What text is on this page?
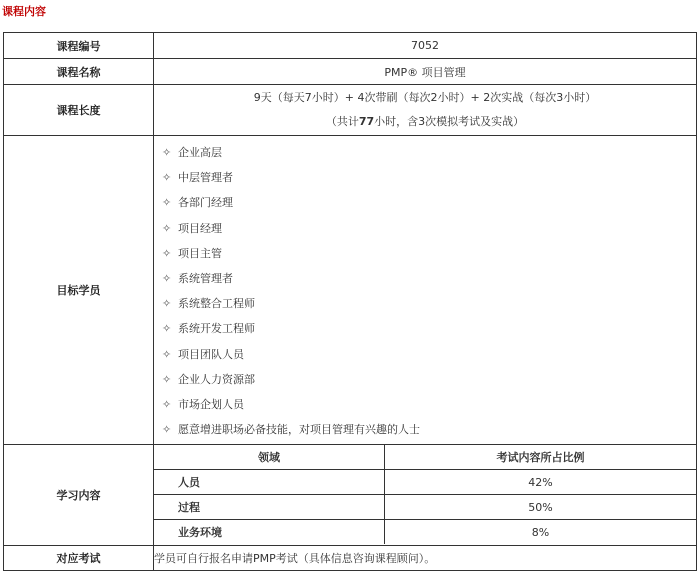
课程内容
课程编号	7052
课程名称	PMP® 项目管理
课程长度	
9天（每天7小时）+ 4次带刷（每次2小时）+ 2次实战（每次3小时）
（共计77小时，含3次模拟考试及实战）

目标学员	
✧ 企业高层
✧ 中层管理者
✧ 各部门经理
✧ 项目经理
✧ 项目主管
✧ 系统管理者
✧ 系统整合工程师
✧ 系统开发工程师
✧ 项目团队人员
✧ 企业人力资源部
✧ 市场企划人员
✧ 愿意增进职场必备技能，对项目管理有兴趣的人士

学习内容	
领域	考试内容所占比例
人员	42%
过程	50%
业务环境	8%

对应考试	学员可自行报名申请PMP考试（具体信息咨询课程顾问）。
